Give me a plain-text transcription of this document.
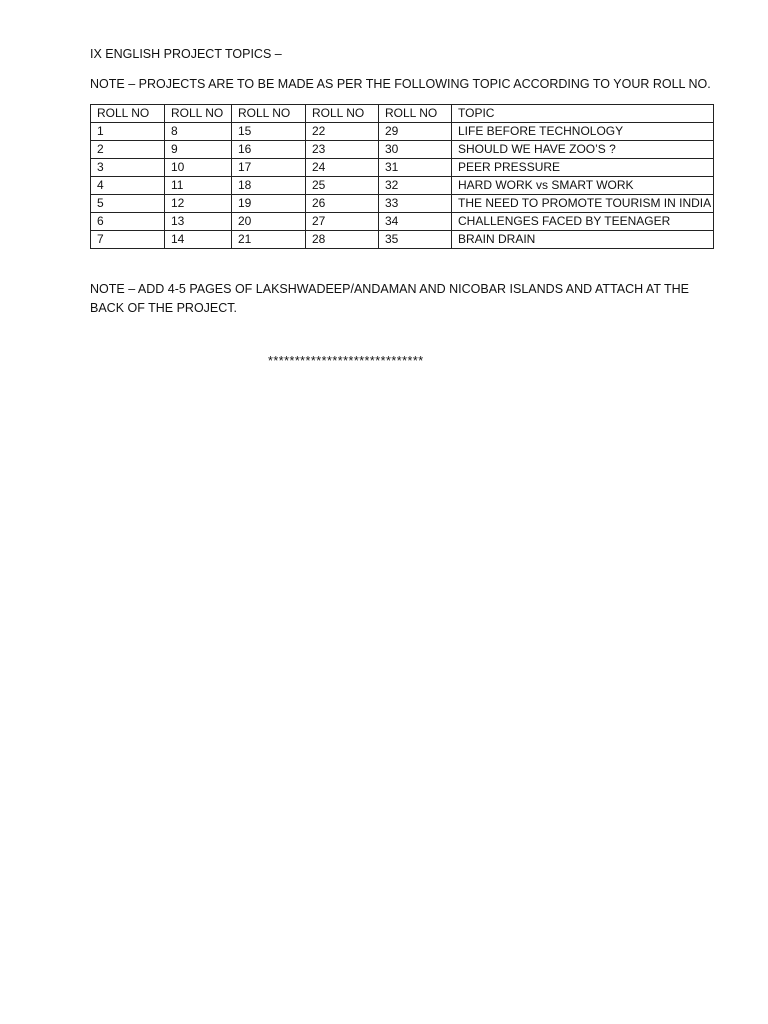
IX ENGLISH PROJECT TOPICS –
NOTE – PROJECTS ARE TO BE MADE AS PER THE FOLLOWING TOPIC ACCORDING TO YOUR ROLL NO.
ROLL NO	ROLL NO	ROLL NO	ROLL NO	ROLL NO	TOPIC
1	8	15	22	29	LIFE BEFORE TECHNOLOGY
2	9	16	23	30	SHOULD WE HAVE ZOO’S ?
3	10	17	24	31	PEER PRESSURE
4	11	18	25	32	HARD WORK vs SMART WORK
5	12	19	26	33	THE NEED TO PROMOTE TOURISM IN INDIA
6	13	20	27	34	CHALLENGES FACED BY TEENAGER
7	14	21	28	35	BRAIN DRAIN
NOTE – ADD 4-5 PAGES OF LAKSHWADEEP/ANDAMAN AND NICOBAR ISLANDS AND ATTACH AT THE BACK OF THE PROJECT.
*****************************
